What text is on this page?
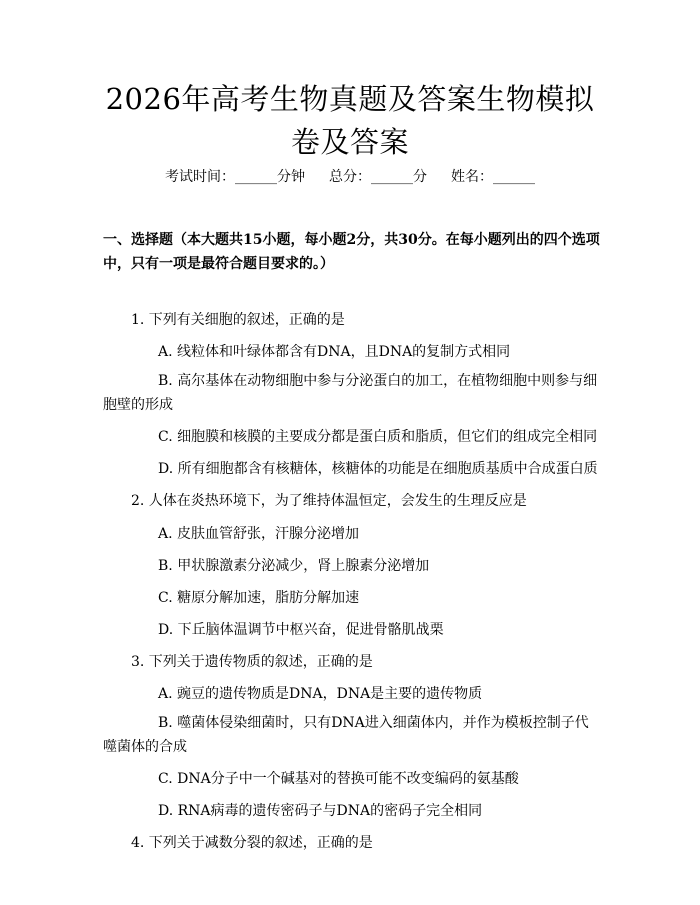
2026年高考生物真题及答案生物模拟卷及答案
考试时间：______分钟 总分：______分 姓名：______

一、选择题（本大题共15小题，每小题2分，共30分。在每小题列出的四个选项中，只有一项是最符合题目要求的。）

1. 下列有关细胞的叙述，正确的是
A. 线粒体和叶绿体都含有DNA，且DNA的复制方式相同
B. 高尔基体在动物细胞中参与分泌蛋白的加工，在植物细胞中则参与细胞壁的形成
C. 细胞膜和核膜的主要成分都是蛋白质和脂质，但它们的组成完全相同
D. 所有细胞都含有核糖体，核糖体的功能是在细胞质基质中合成蛋白质
2. 人体在炎热环境下，为了维持体温恒定，会发生的生理反应是
A. 皮肤血管舒张，汗腺分泌增加
B. 甲状腺激素分泌减少，肾上腺素分泌增加
C. 糖原分解加速，脂肪分解加速
D. 下丘脑体温调节中枢兴奋，促进骨骼肌战栗
3. 下列关于遗传物质的叙述，正确的是
A. 豌豆的遗传物质是DNA，DNA是主要的遗传物质
B. 噬菌体侵染细菌时，只有DNA进入细菌体内，并作为模板控制子代噬菌体的合成
C. DNA分子中一个碱基对的替换可能不改变编码的氨基酸
D. RNA病毒的遗传密码子与DNA的密码子完全相同
4. 下列关于减数分裂的叙述，正确的是
